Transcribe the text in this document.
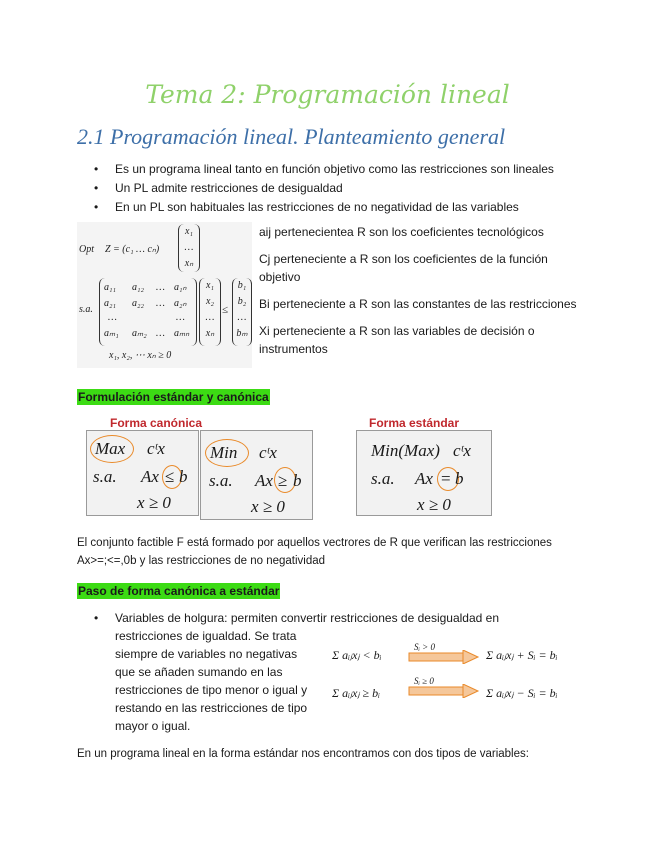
Tema 2: Programación lineal
2.1 Programación lineal. Planteamiento general
• Es un programa lineal tanto en función objetivo como las restricciones son lineales
• Un PL admite restricciones de desigualdad
• En un PL son habituales las restricciones de no negatividad de las variables
Opt Z = (c₁ … cₙ)
x₁
…
xₙ
s.a.
a₁₁ a₁₂ … a₁ₙ
a₂₁ a₂₂ … a₂ₙ
…	…
aₘ₁ aₘ₂ … aₘₙ
x₁
x₂
…
xₙ
≤
b₁
b₂
…
bₘ
x₁, x₂, ⋯ xₙ ≥ 0

aij pertenecientea R son los coeficientes tecnológicos

Cj perteneciente a R son los coeficientes de la función objetivo

Bi perteneciente a R son las constantes de las restricciones

Xi perteneciente a R son las variables de decisión o instrumentos

Formulación estándar y canónica
Forma canónica	Forma estándar
Max cᵗx
s.a. Ax ≤ b
x ≥ 0
Min cᵗx
s.a. Ax ≥ b
x ≥ 0
Min(Max) cᵗx
s.a. Ax = b
x ≥ 0
El conjunto factible F está formado por aquellos vectrores de R que verifican las restricciones Ax>=;<=,0b y las restricciones de no negatividad
Paso de forma canónica a estándar
• Variables de holgura: permiten convertir restricciones de desigualdad en
restricciones de igualdad. Se trata
siempre de variables no negativas
que se añaden sumando en las
restricciones de tipo menor o igual y
restando en las restricciones de tipo
mayor o igual.
Σ aᵢⱼxⱼ < bᵢ
Sᵢ > 0
Σ aᵢⱼxⱼ + Sᵢ = bᵢ
Σ aᵢⱼxⱼ ≥ bᵢ
Sᵢ ≥ 0
Σ aᵢⱼxⱼ − Sᵢ = bᵢ
En un programa lineal en la forma estándar nos encontramos con dos tipos de variables:
